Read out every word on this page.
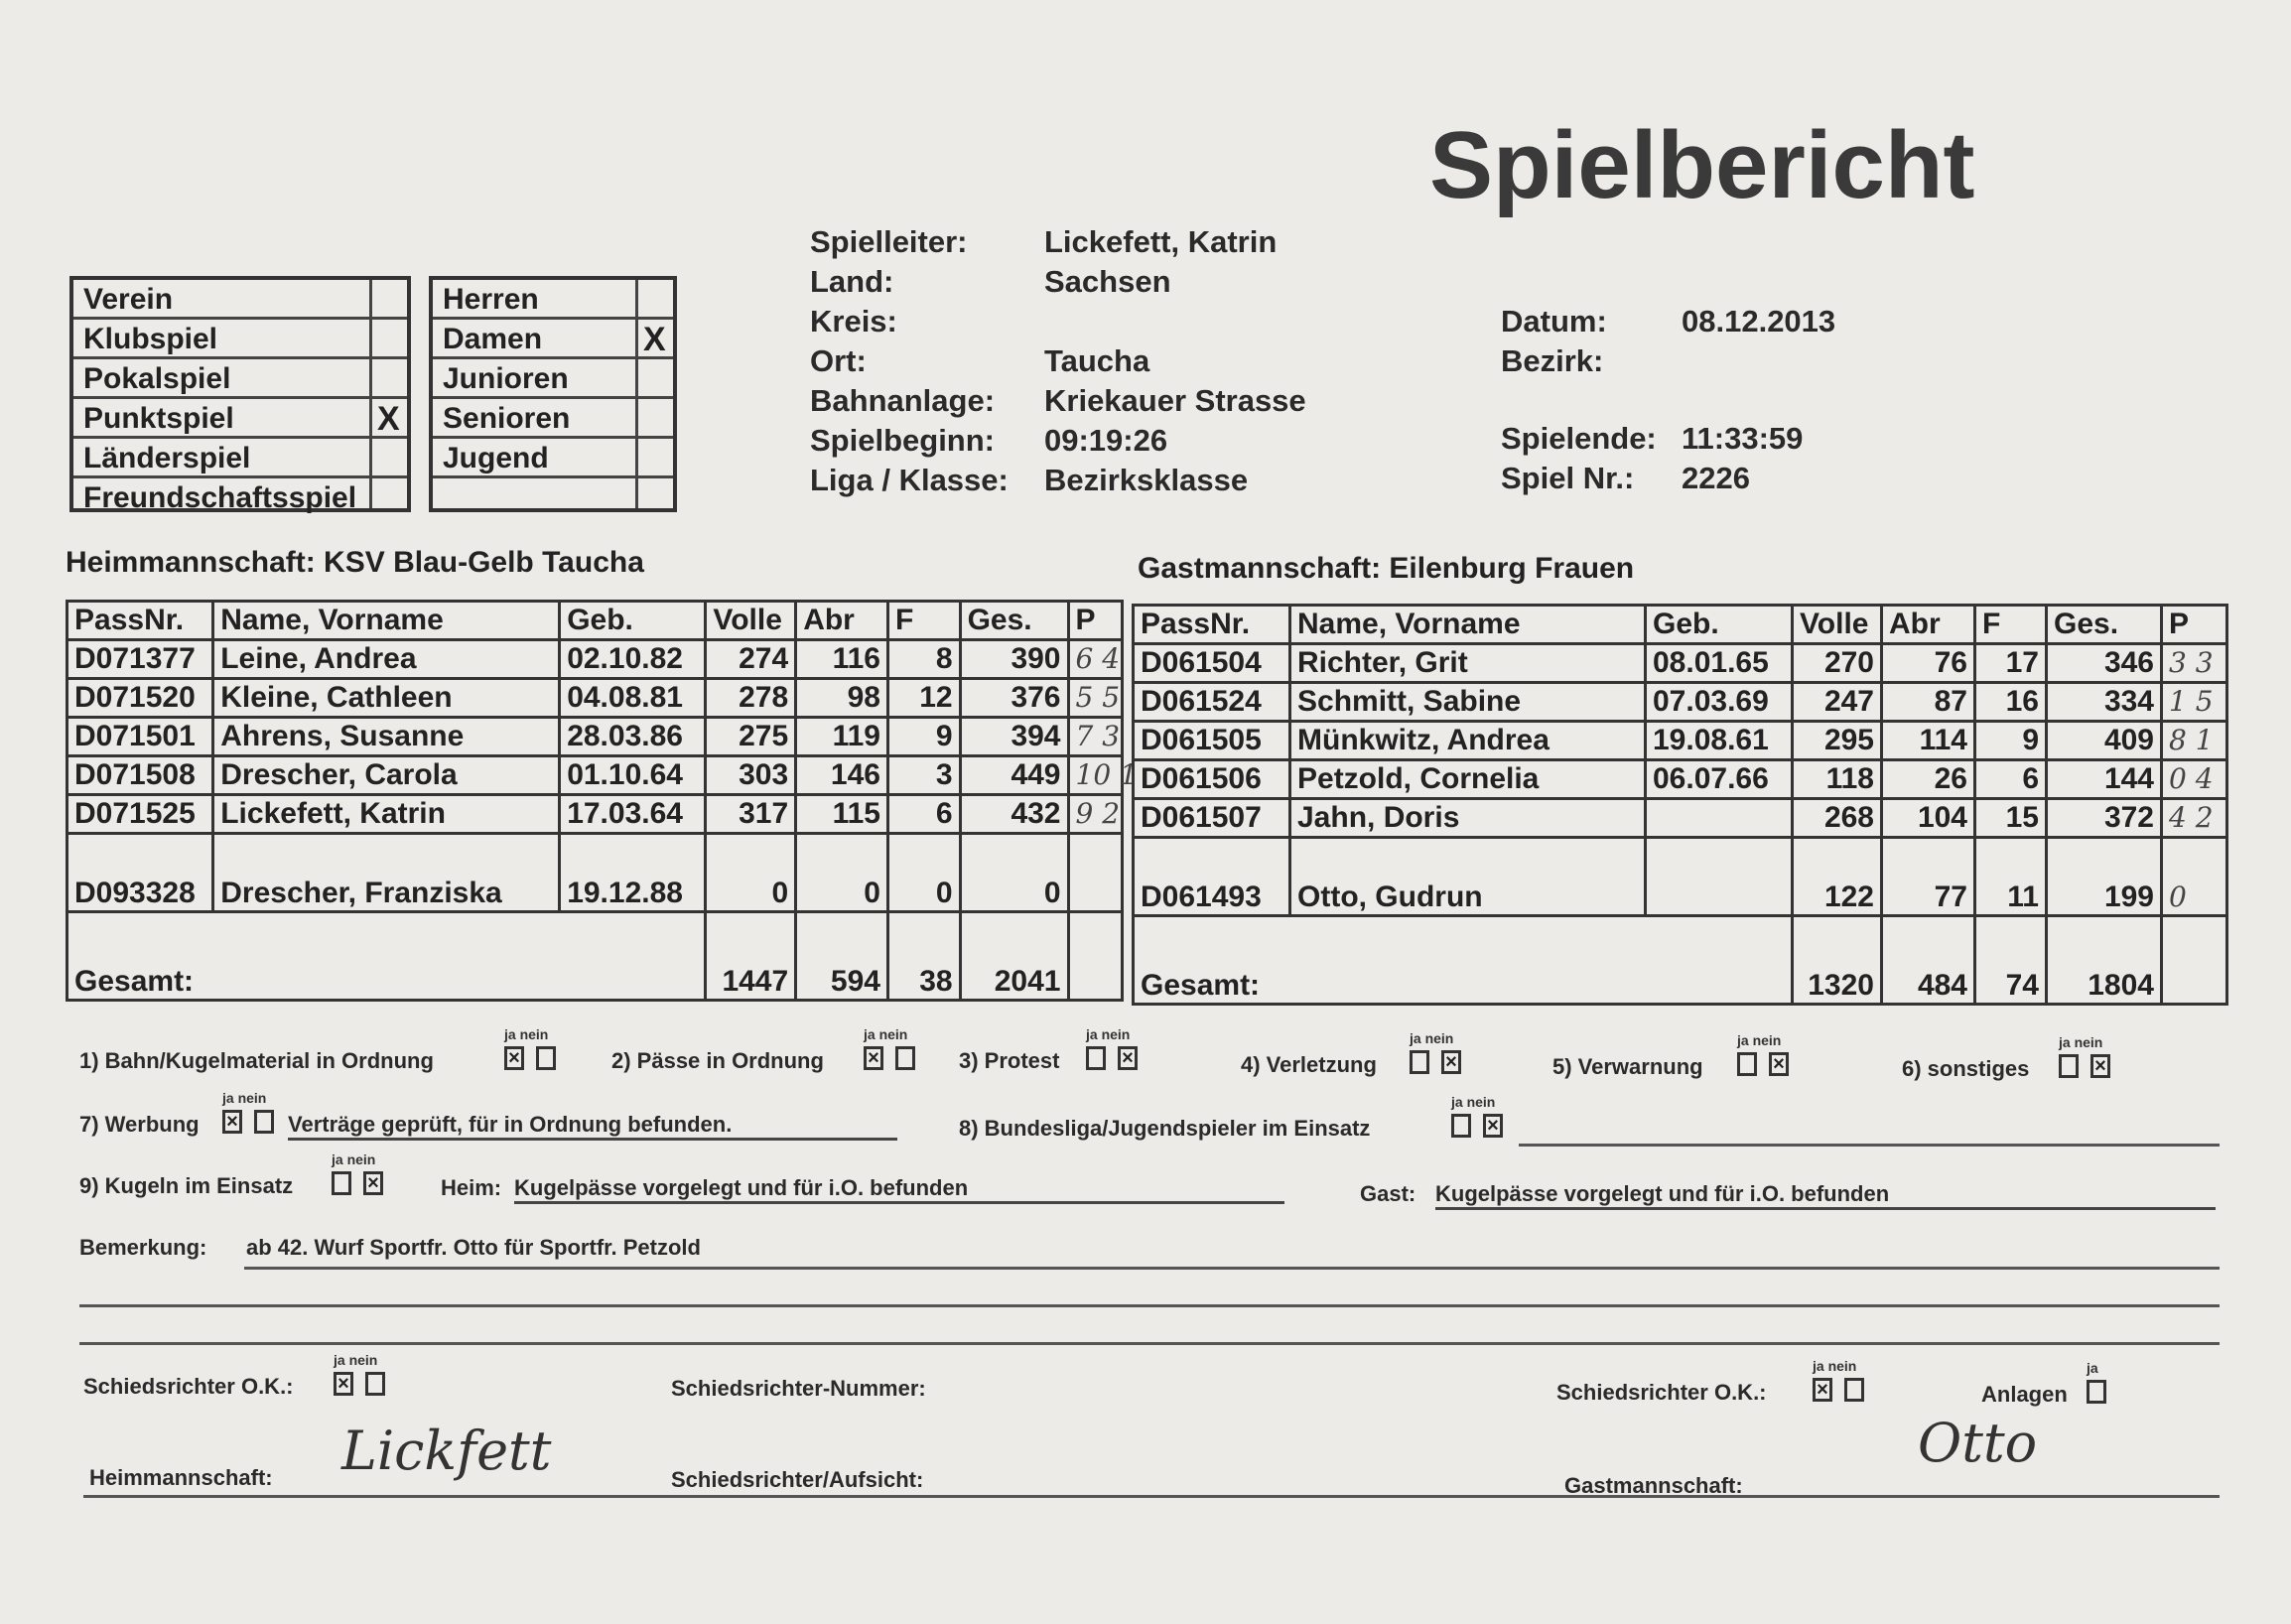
Spielbericht
Verein
Klubspiel
Pokalspiel
Punktspiel	X
Länderspiel
Freundschaftsspiel
Herren
Damen	X
Junioren
Senioren
Jugend
Spielleiter:	Lickefett, Katrin
Land:	Sachsen
Kreis:
Ort:	Taucha
Bahnanlage: Kriekauer Strasse
Spielbeginn: 09:19:26
Liga / Klasse: Bezirksklasse
Datum: 08.12.2013
Bezirk:
Spielende: 11:33:59
Spiel Nr.: 2226
Heimmannschaft: KSV Blau-Gelb Taucha	Gastmannschaft: Eilenburg Frauen
PassNr.	Name, Vorname	Geb.	Volle	Abr	F	Ges.	P
D071377	Leine, Andrea	02.10.82	274	116	8	390	6 4
D071520	Kleine, Cathleen	04.08.81	278	98	12	376	5 5
D071501	Ahrens, Susanne	28.03.86	275	119	9	394	7 3
D071508	Drescher, Carola	01.10.64	303	146	3	449	10 1
D071525	Lickefett, Katrin	17.03.64	317	115	6	432	9 2
D093328	Drescher, Franziska	19.12.88	0	0	0	0	
Gesamt:			1447	594	38	2041	
PassNr.	Name, Vorname	Geb.	Volle	Abr	F	Ges.	P
D061504	Richter, Grit	08.01.65	270	76	17	346	3 3
D061524	Schmitt, Sabine	07.03.69	247	87	16	334	1 5
D061505	Münkwitz, Andrea	19.08.61	295	114	9	409	8 1
D061506	Petzold, Cornelia	06.07.66	118	26	6	144	0 4
D061507	Jahn, Doris		268	104	15	372	4 2
D061493	Otto, Gudrun		122	77	11	199	0
Gesamt:			1320	484	74	1804	
1) Bahn/Kugelmaterial in Ordnung
ja nein
×	2) Pässe in Ordnung
ja nein
×	3) Protest
ja nein
×	4) Verletzung
ja nein
×	5) Verwarnung
ja nein
×	6) sonstiges
ja nein
×
7) Werbung
ja nein
× Verträge geprüft, für in Ordnung befunden.	8) Bundesliga/Jugendspieler im Einsatz
ja nein
×
9) Kugeln im Einsatz
ja nein
×	Heim: Kugelpässe vorgelegt und für i.O. befunden	Gast: Kugelpässe vorgelegt und für i.O. befunden
Bemerkung: ab 42. Wurf Sportfr. Otto für Sportfr. Petzold
Schiedsrichter O.K.:
ja nein
×	Schiedsrichter-Nummer:	Schiedsrichter O.K.:
ja nein
×	Anlagen
ja
Heimmannschaft: Lickfett	Schiedsrichter/Aufsicht:	Gastmannschaft:
Otto
